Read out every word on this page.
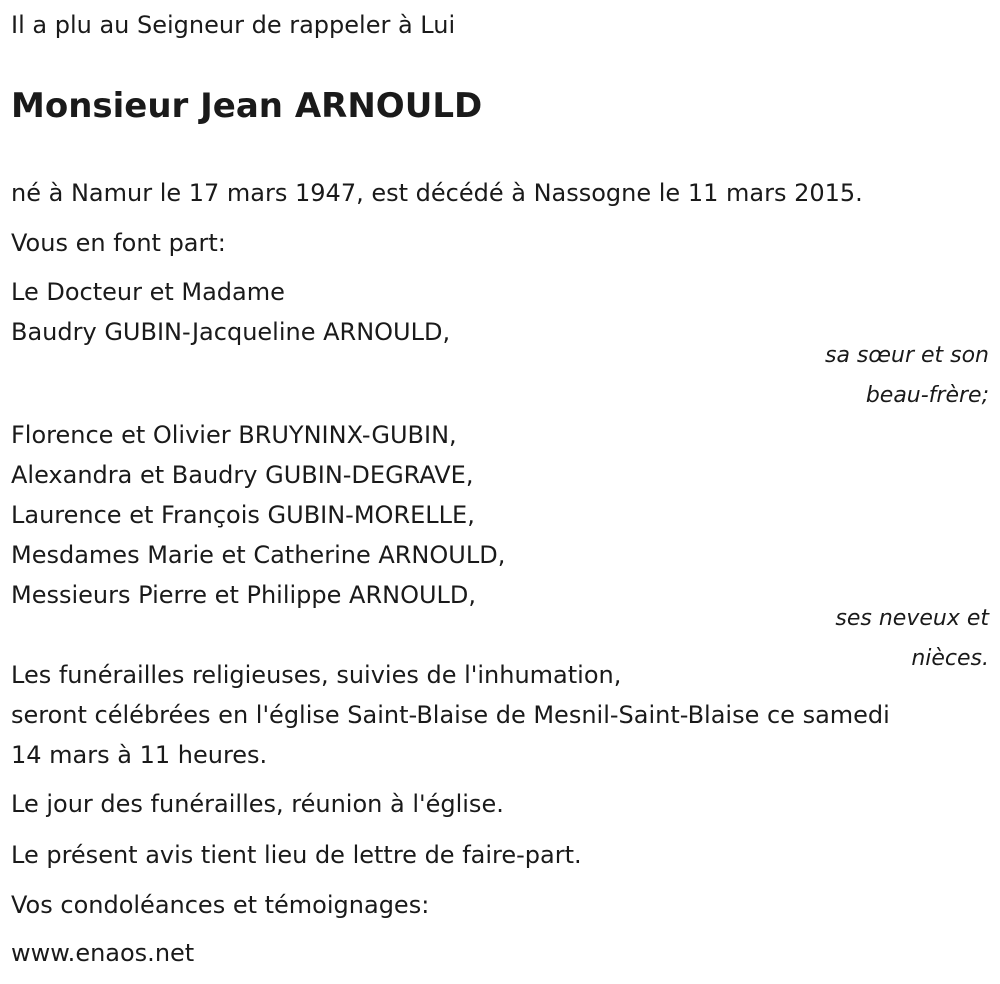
Il a plu au Seigneur de rappeler à Lui
Monsieur Jean ARNOULD
né à Namur le 17 mars 1947, est décédé à Nassogne le 11 mars 2015.
Vous en font part:
Le Docteur et Madame
Baudry GUBIN-Jacqueline ARNOULD,
sa sœur et son
beau-frère;
Florence et Olivier BRUYNINX-GUBIN,
Alexandra et Baudry GUBIN-DEGRAVE,
Laurence et François GUBIN-MORELLE,
Mesdames Marie et Catherine ARNOULD,
Messieurs Pierre et Philippe ARNOULD,
ses neveux et
nièces.
Les funérailles religieuses, suivies de l'inhumation,
seront célébrées en l'église Saint-Blaise de Mesnil-Saint-Blaise ce samedi
14 mars à 11 heures.
Le jour des funérailles, réunion à l'église.
Le présent avis tient lieu de lettre de faire-part.
Vos condoléances et témoignages:
www.enaos.net
